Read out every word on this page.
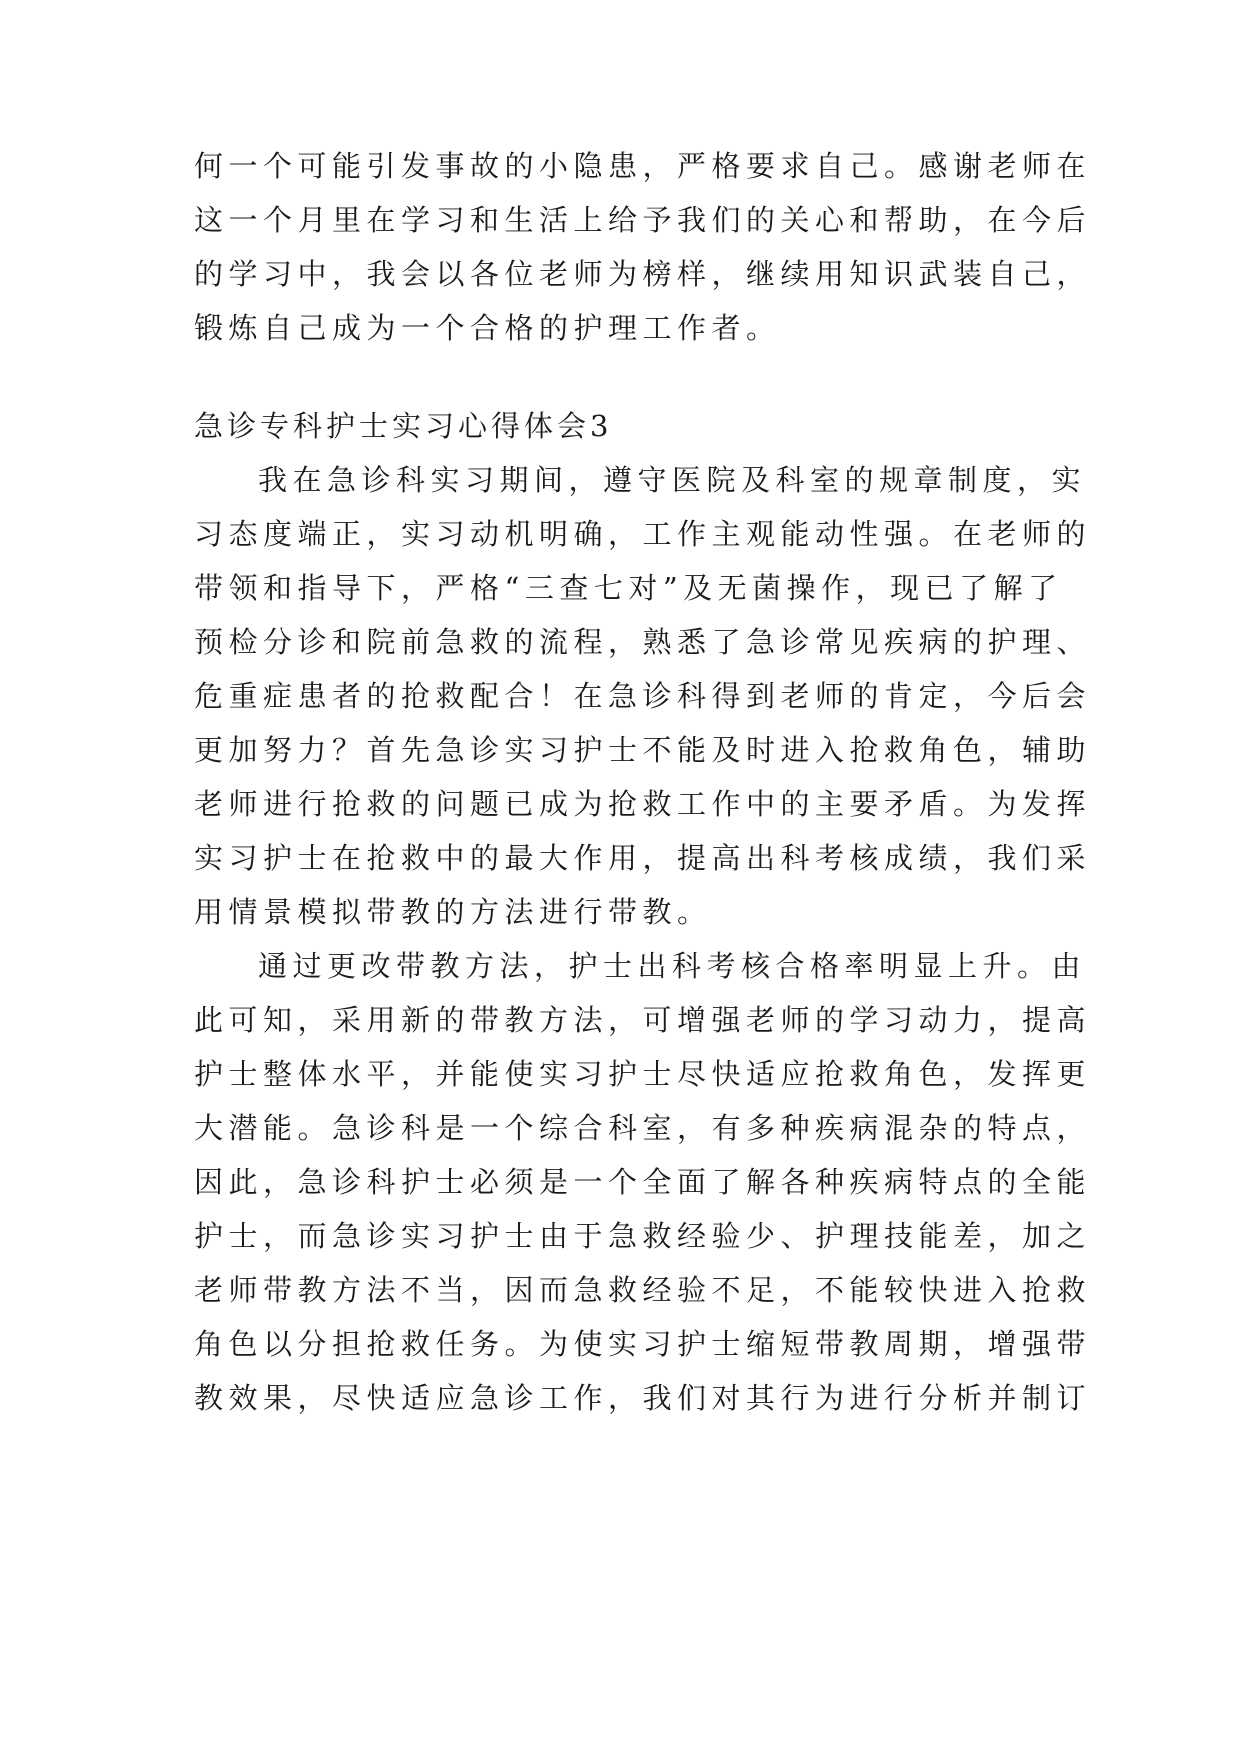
何一个可能引发事故的小隐患，严格要求自己。感谢老师在
这一个月里在学习和生活上给予我们的关心和帮助，在今后
的学习中，我会以各位老师为榜样，继续用知识武装自己，
锻炼自己成为一个合格的护理工作者。
急诊专科护士实习心得体会3
我在急诊科实习期间，遵守医院及科室的规章制度，实
习态度端正，实习动机明确，工作主观能动性强。在老师的
带领和指导下，严格“三查七对”及无菌操作，现已了解了
预检分诊和院前急救的流程，熟悉了急诊常见疾病的护理、
危重症患者的抢救配合！在急诊科得到老师的肯定，今后会
更加努力？首先急诊实习护士不能及时进入抢救角色，辅助
老师进行抢救的问题已成为抢救工作中的主要矛盾。为发挥
实习护士在抢救中的最大作用，提高出科考核成绩，我们采
用情景模拟带教的方法进行带教。
通过更改带教方法，护士出科考核合格率明显上升。由
此可知，采用新的带教方法，可增强老师的学习动力，提高
护士整体水平，并能使实习护士尽快适应抢救角色，发挥更
大潜能。急诊科是一个综合科室，有多种疾病混杂的特点，
因此，急诊科护士必须是一个全面了解各种疾病特点的全能
护士，而急诊实习护士由于急救经验少、护理技能差，加之
老师带教方法不当，因而急救经验不足，不能较快进入抢救
角色以分担抢救任务。为使实习护士缩短带教周期，增强带
教效果，尽快适应急诊工作，我们对其行为进行分析并制订
